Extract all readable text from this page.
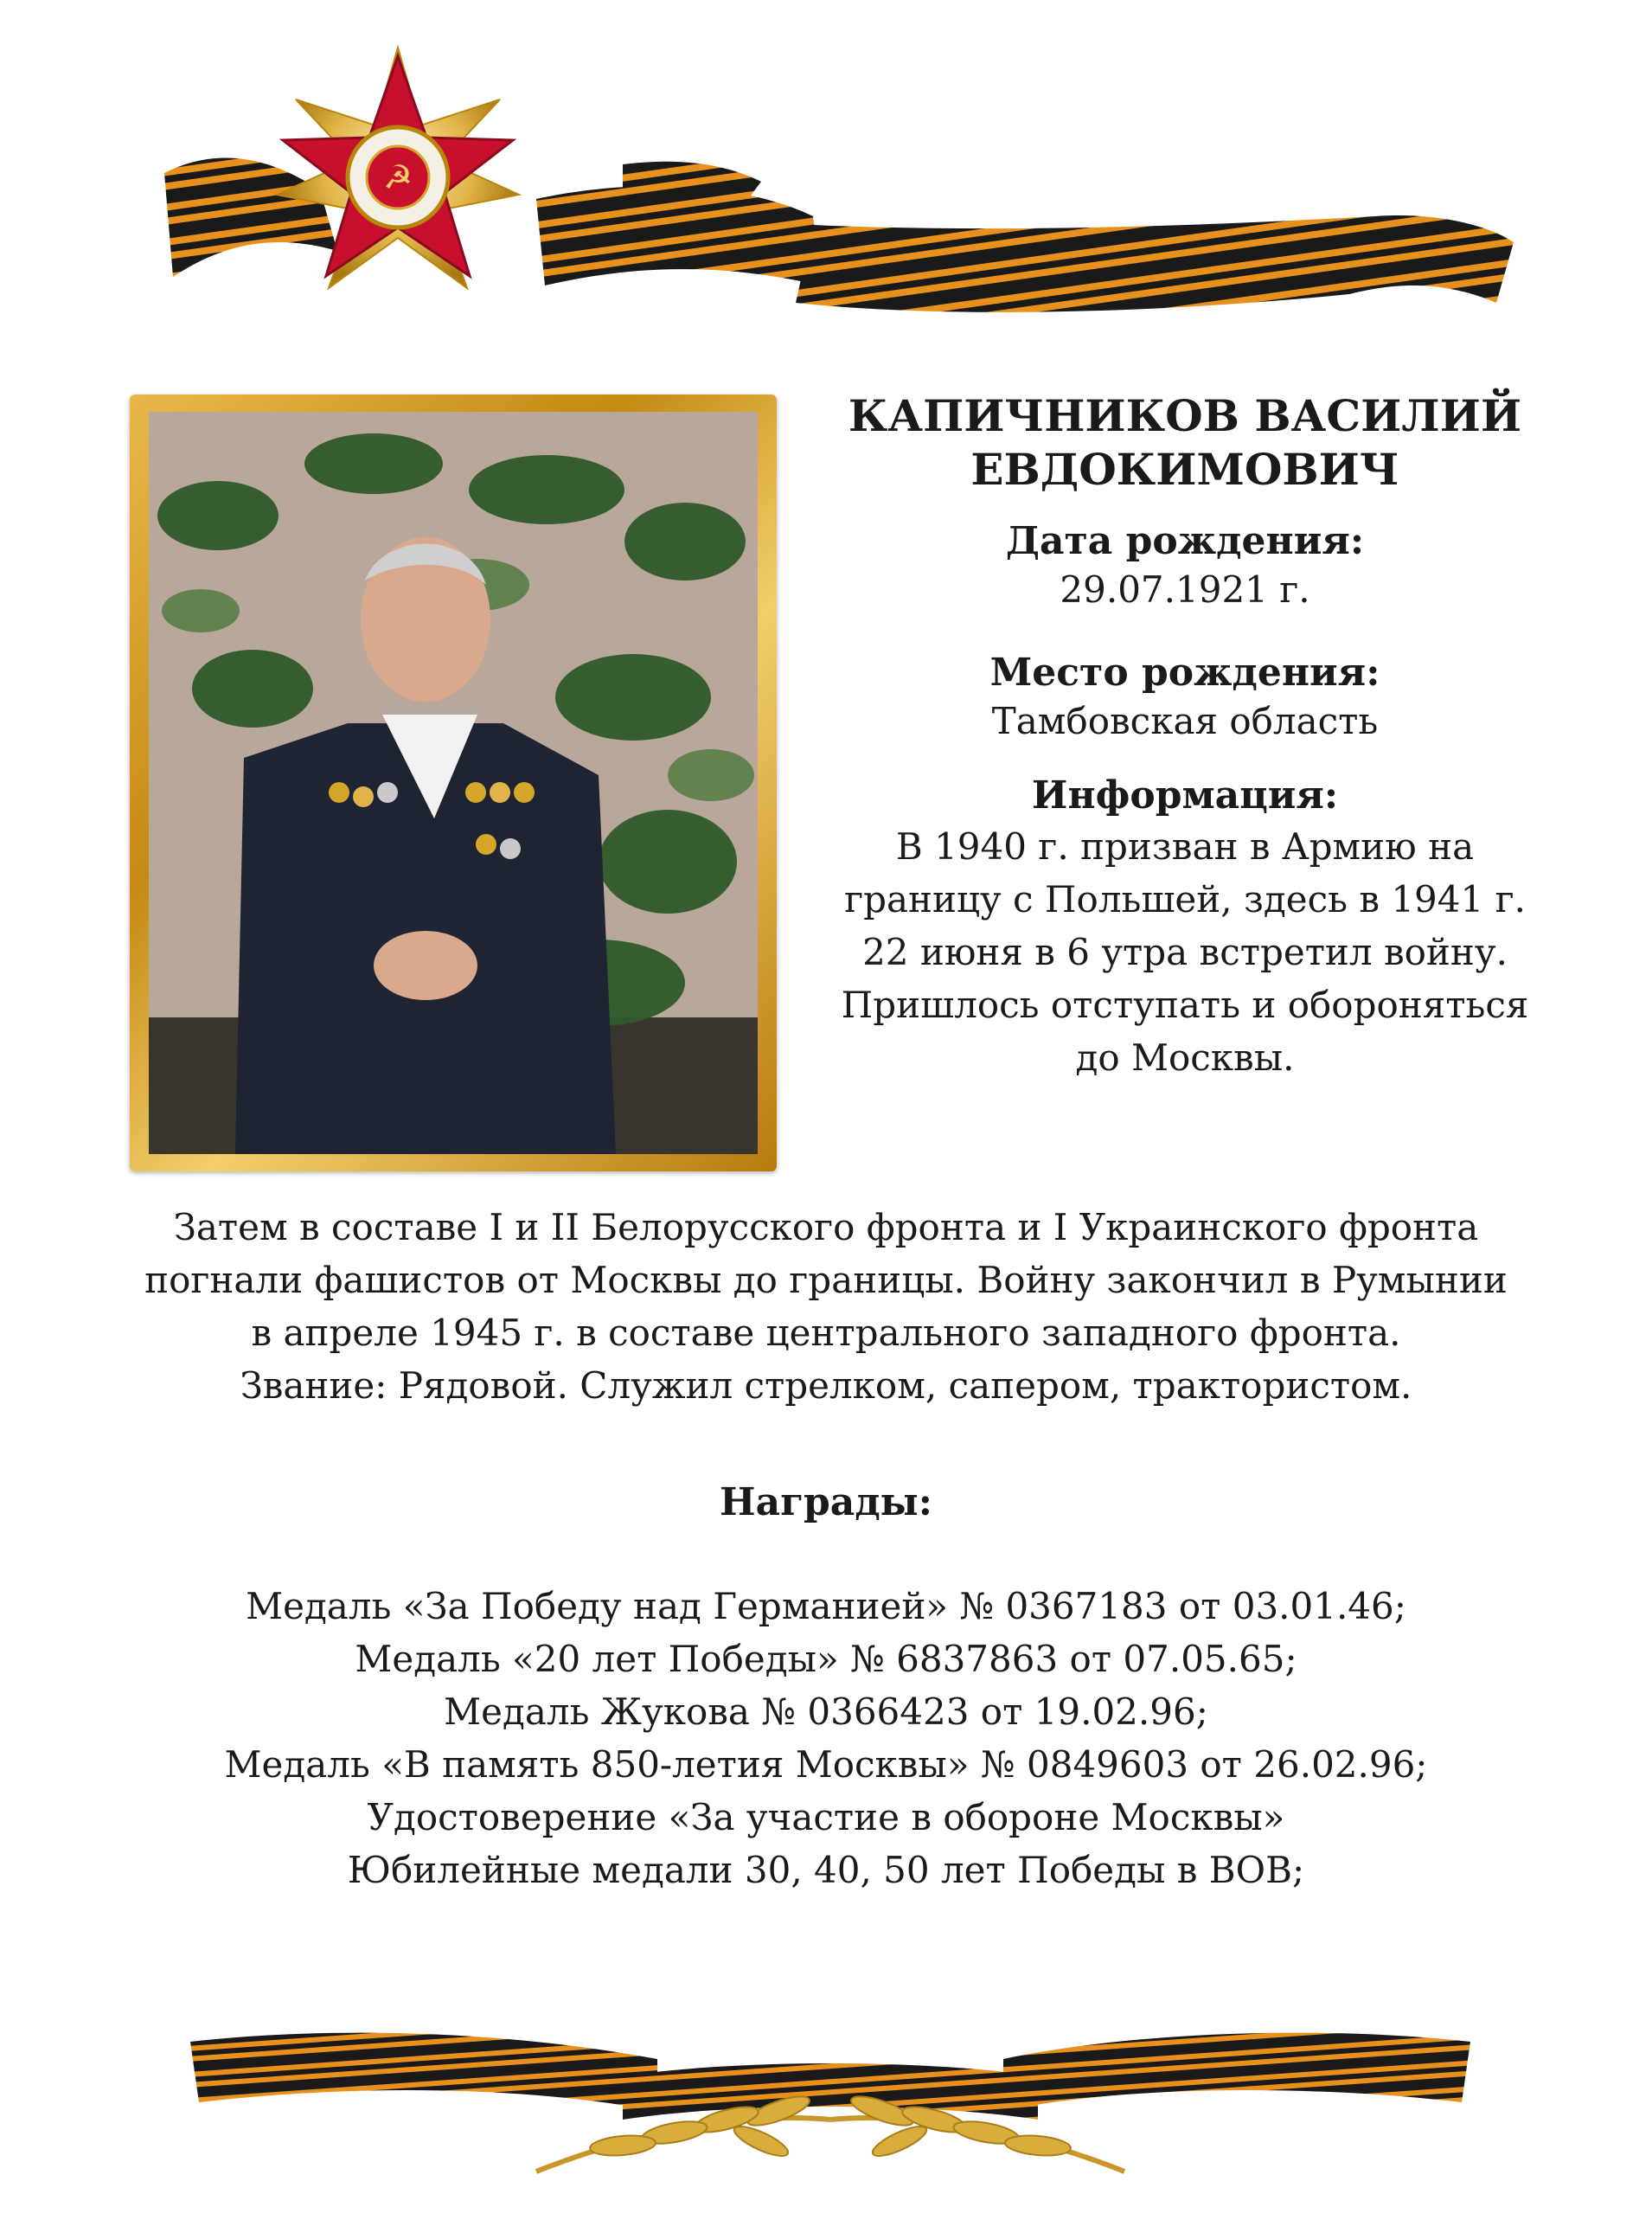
☭

КАПИЧНИКОВ ВАСИЛИЙ

ЕВДОКИМОВИЧ

Дата рождения:

29.07.1921 г.

Место рождения:

Тамбовская область

Информация:

В 1940 г. призван в Армию на

границу с Польшей, здесь в 1941 г.

22 июня в 6 утра встретил войну.

Пришлось отступать и обороняться

до Москвы.

Затем в составе I и II Белорусского фронта и I Украинского фронта
погнали фашистов от Москвы до границы. Войну закончил в Румынии
в апреле 1945 г. в составе центрального западного фронта.
Звание: Рядовой. Служил стрелком, сапером, трактористом.
Награды:
Медаль «За Победу над Германией» № 0367183 от 03.01.46;
Медаль «20 лет Победы» № 6837863 от 07.05.65;
Медаль Жукова № 0366423 от 19.02.96;
Медаль «В память 850-летия Москвы» № 0849603 от 26.02.96;
Удостоверение «За участие в обороне Москвы»
Юбилейные медали 30, 40, 50 лет Победы в ВОВ;
